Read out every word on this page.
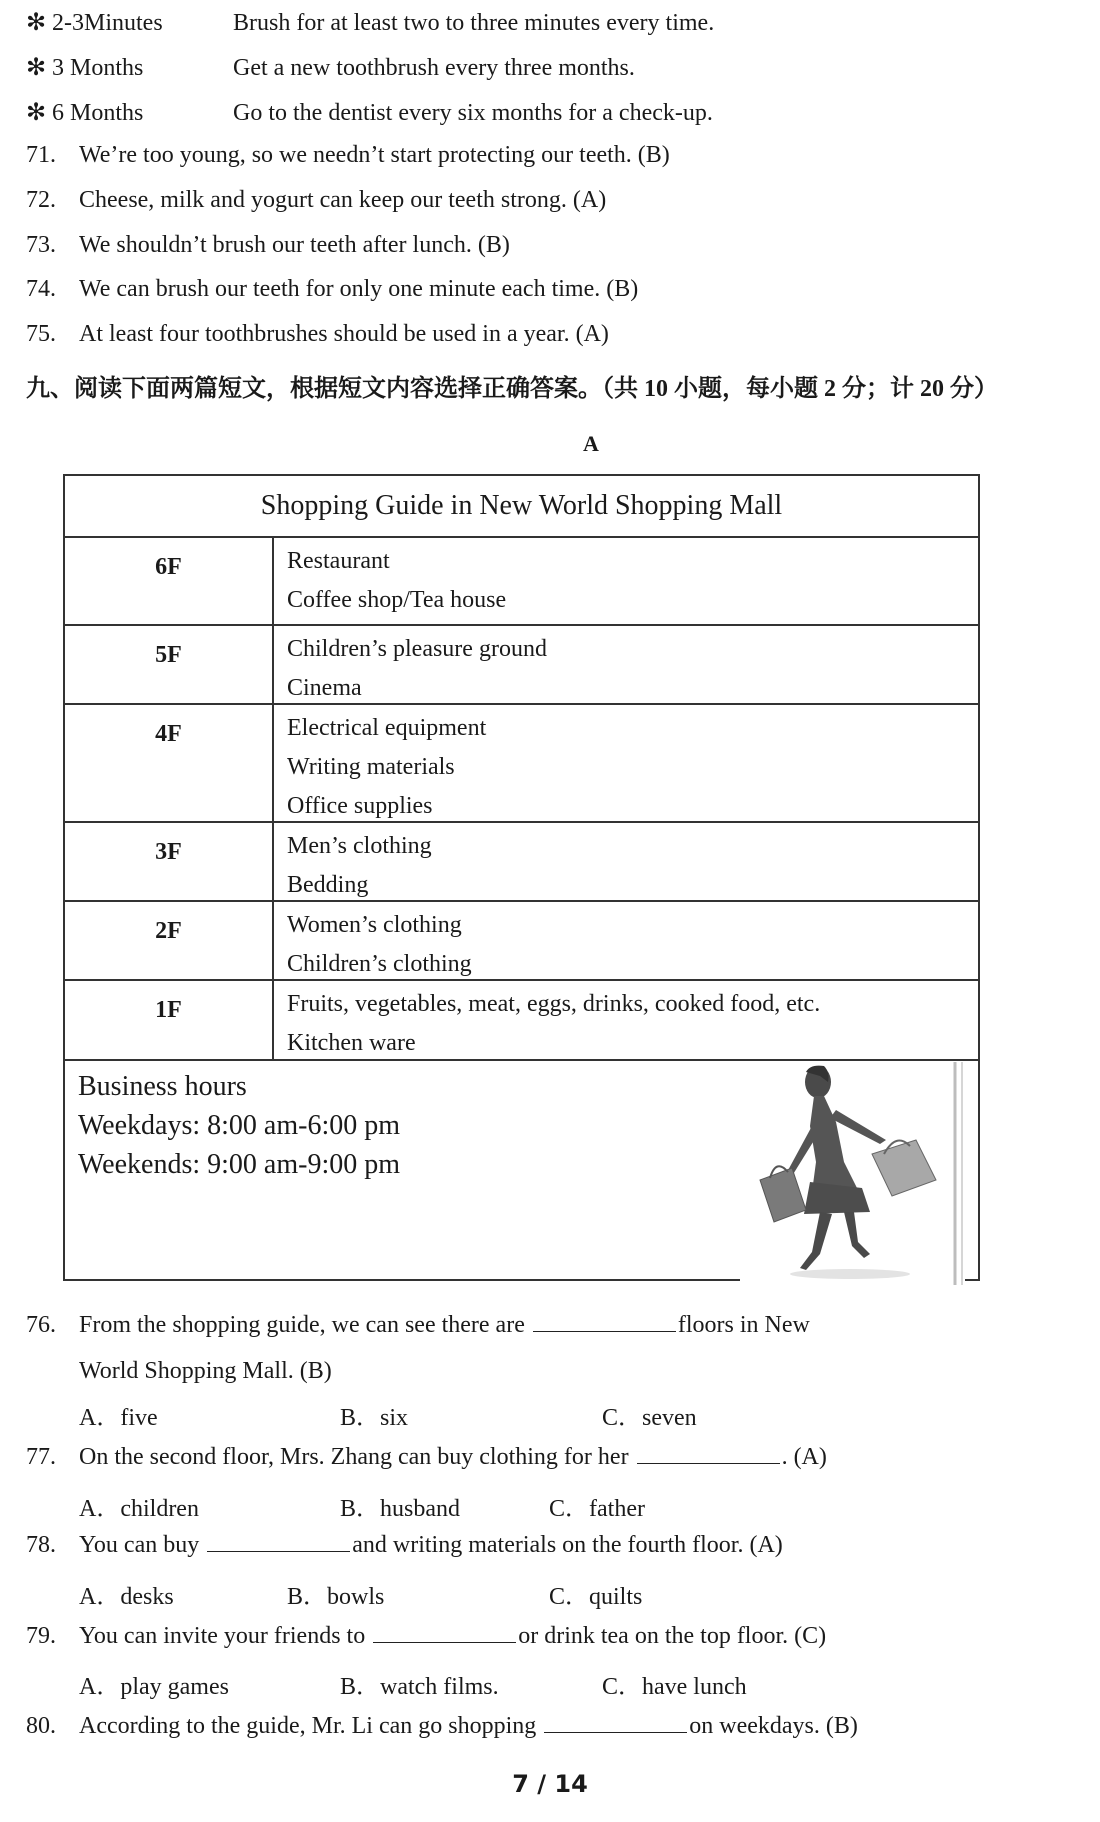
✻ 2-3Minutes	Brush for at least two to three minutes every time.
✻ 3 Months	Get a new toothbrush every three months.
✻ 6 Months	Go to the dentist every six months for a check-up.
71. We’re too young, so we needn’t start protecting our teeth. (B)
72. Cheese, milk and yogurt can keep our teeth strong. (A)
73. We shouldn’t brush our teeth after lunch. (B)
74. We can brush our teeth for only one minute each time. (B)
75. At least four toothbrushes should be used in a year. (A)
九、阅读下面两篇短文，根据短文内容选择正确答案。（共 10 小题，每小题 2 分；计 20 分）
A
Shopping Guide in New World Shopping Mall
6F	Restaurant
Coffee shop/Tea house
5F	Children’s pleasure ground
Cinema
4F	Electrical equipment
Writing materials
Office supplies
3F	Men’s clothing
Bedding
2F	Women’s clothing
Children’s clothing
1F	Fruits, vegetables, meat, eggs, drinks, cooked food, etc.
Kitchen ware
Business hours
Weekdays: 8:00 am-6:00 pm
Weekends: 9:00 am-9:00 pm
76. From the shopping guide, we can see there are	floors in New
World Shopping Mall. (B)
A．five	B．six	C．seven
77. On the second floor, Mrs. Zhang can buy clothing for her	. (A)
A．children	B．husband	C．father
78. You can buy	and writing materials on the fourth floor. (A)
A．desks	B．bowls	C．quilts
79. You can invite your friends to	or drink tea on the top floor. (C)
A．play games	B．watch films.	C．have lunch
80. According to the guide, Mr. Li can go shopping	on weekdays. (B)
7 / 14
